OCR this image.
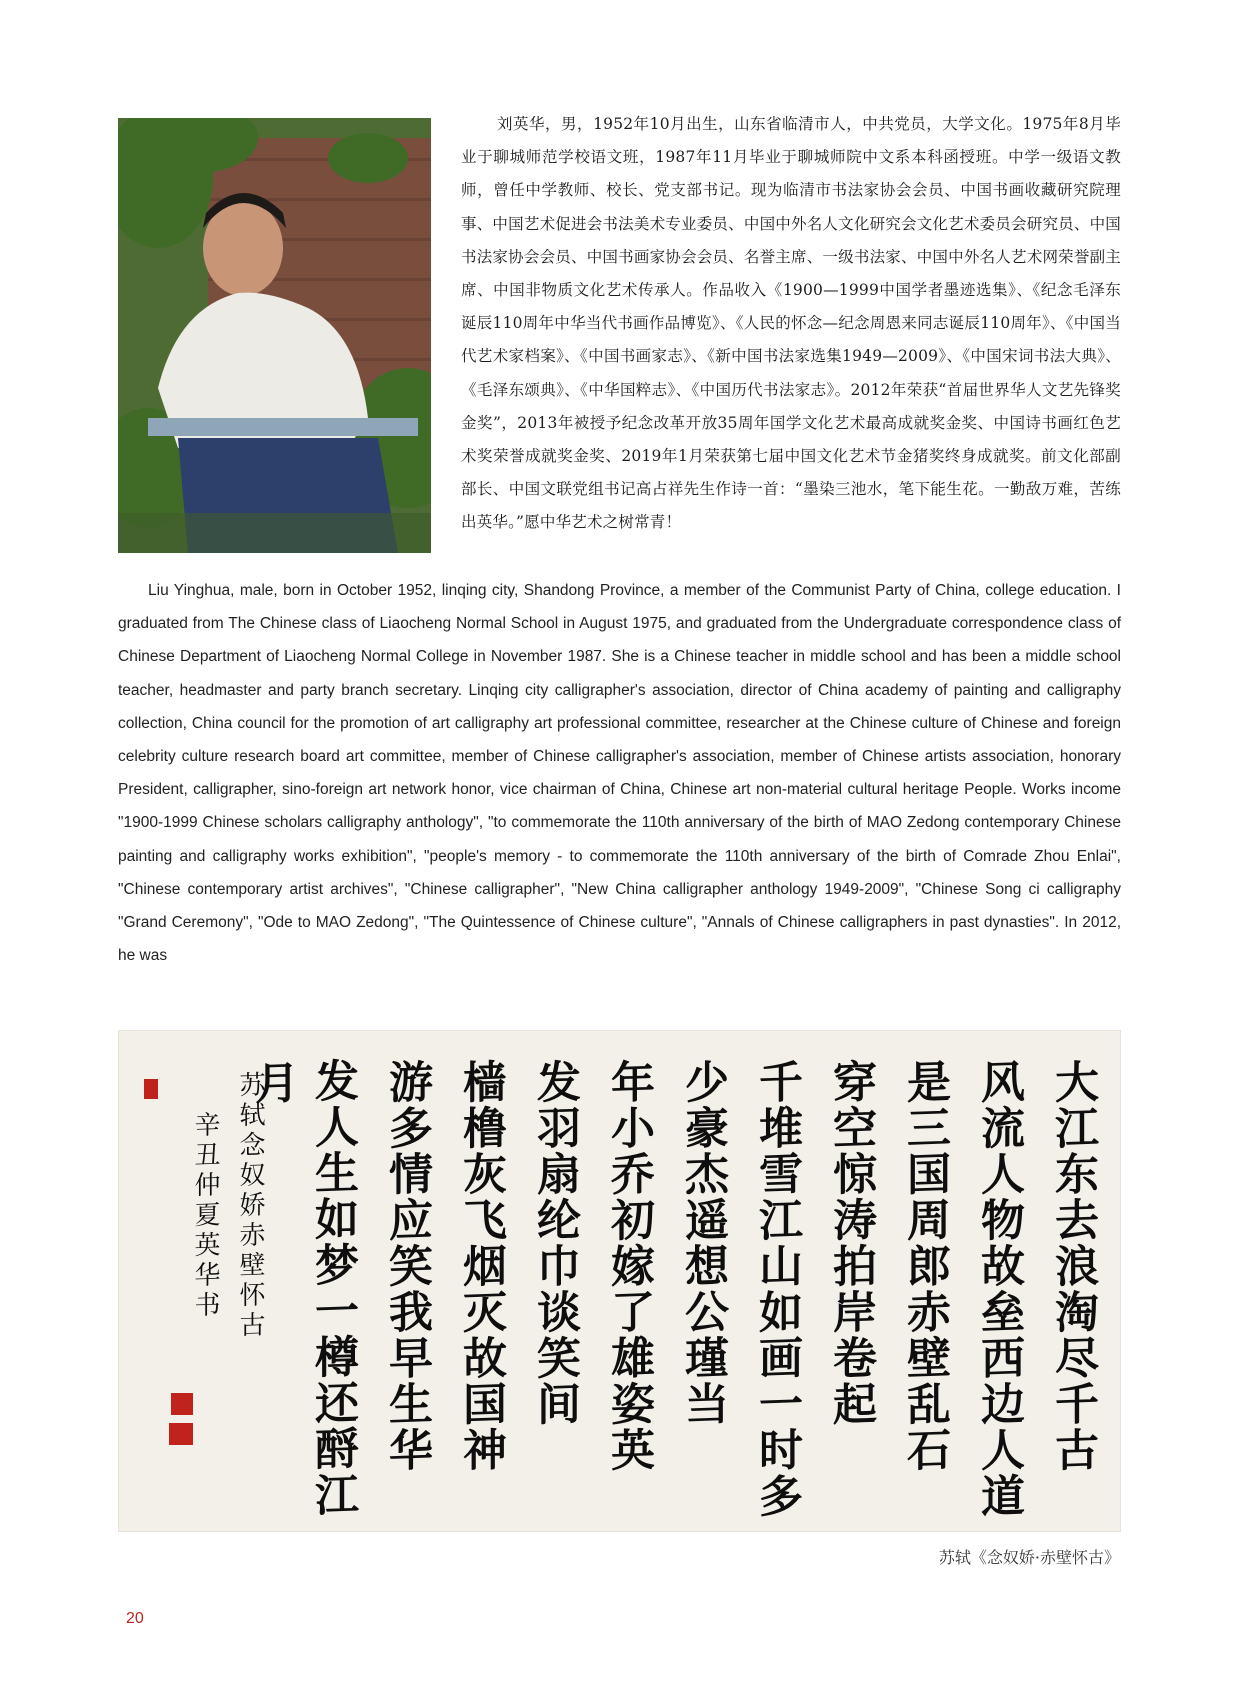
刘英华，男，1952年10月出生，山东省临清市人，中共党员，大学文化。1975年8月毕业于聊城师范学校语文班，1987年11月毕业于聊城师院中文系本科函授班。中学一级语文教师，曾任中学教师、校长、党支部书记。现为临清市书法家协会会员、中国书画收藏研究院理事、中国艺术促进会书法美术专业委员、中国中外名人文化研究会文化艺术委员会研究员、中国书法家协会会员、中国书画家协会会员、名誉主席、一级书法家、中国中外名人艺术网荣誉副主席、中国非物质文化艺术传承人。作品收入《1900—1999中国学者墨迹选集》、《纪念毛泽东诞辰110周年中华当代书画作品博览》、《人民的怀念—纪念周恩来同志诞辰110周年》、《中国当代艺术家档案》、《中国书画家志》、《新中国书法家选集1949—2009》、《中国宋词书法大典》、《毛泽东颂典》、《中华国粹志》、《中国历代书法家志》。2012年荣获“首届世界华人文艺先锋奖金奖”，2013年被授予纪念改革开放35周年国学文化艺术最高成就奖金奖、中国诗书画红色艺术奖荣誉成就奖金奖、2019年1月荣获第七届中国文化艺术节金猪奖终身成就奖。前文化部副部长、中国文联党组书记高占祥先生作诗一首：“墨染三池水，笔下能生花。一勤敌万难，苦练出英华。”愿中华艺术之树常青！

Liu Yinghua, male, born in October 1952, linqing city, Shandong Province, a member of the Communist Party of China, college education. I graduated from The Chinese class of Liaocheng Normal School in August 1975, and graduated from the Undergraduate correspondence class of Chinese Department of Liaocheng Normal College in November 1987. She is a Chinese teacher in middle school and has been a middle school teacher, headmaster and party branch secretary. Linqing city calligrapher's association, director of China academy of painting and calligraphy collection, China council for the promotion of art calligraphy art professional committee, researcher at the Chinese culture of Chinese and foreign celebrity culture research board art committee, member of Chinese calligrapher's association, member of Chinese artists association, honorary President, calligrapher, sino-foreign art network honor, vice chairman of China, Chinese art non-material cultural heritage People. Works income "1900-1999 Chinese scholars calligraphy anthology", "to commemorate the 110th anniversary of the birth of MAO Zedong contemporary Chinese painting and calligraphy works exhibition", "people's memory - to commemorate the 110th anniversary of the birth of Comrade Zhou Enlai", "Chinese contemporary artist archives", "Chinese calligrapher", "New China calligrapher anthology 1949-2009", "Chinese Song ci calligraphy "Grand Ceremony", "Ode to MAO Zedong", "The Quintessence of Chinese culture", "Annals of Chinese calligraphers in past dynasties". In 2012, he was

大江东去浪淘尽千古
风流人物故垒西边人道
是三国周郎赤壁乱石
穿空惊涛拍岸卷起
千堆雪江山如画一时多
少豪杰遥想公瑾当
年小乔初嫁了雄姿英
发羽扇纶巾谈笑间
樯橹灰飞烟灭故国神
游多情应笑我早生华
发人生如梦一樽还酹江月
苏轼念奴娇赤壁怀古
辛丑仲夏英华书

苏轼《念奴娇·赤壁怀古》

20
